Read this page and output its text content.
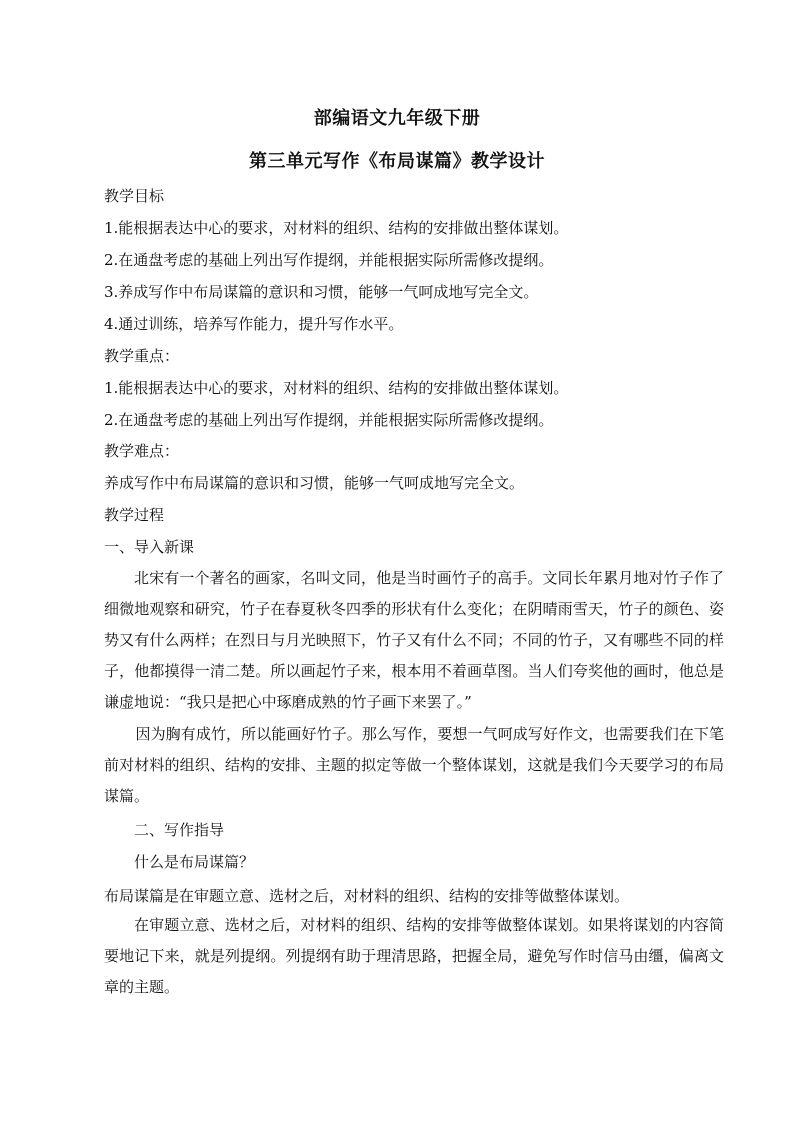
部编语文九年级下册
第三单元写作《布局谋篇》教学设计
教学目标
1.能根据表达中心的要求，对材料的组织、结构的安排做出整体谋划。
2.在通盘考虑的基础上列出写作提纲，并能根据实际所需修改提纲。
3.养成写作中布局谋篇的意识和习惯，能够一气呵成地写完全文。
4.通过训练，培养写作能力，提升写作水平。
教学重点：
1.能根据表达中心的要求，对材料的组织、结构的安排做出整体谋划。
2.在通盘考虑的基础上列出写作提纲，并能根据实际所需修改提纲。
教学难点：
养成写作中布局谋篇的意识和习惯，能够一气呵成地写完全文。
教学过程
一、导入新课
北宋有一个著名的画家，名叫文同，他是当时画竹子的高手。文同长年累月地对竹子作了细微地观察和研究，竹子在春夏秋冬四季的形状有什么变化；在阴晴雨雪天，竹子的颜色、姿势又有什么两样；在烈日与月光映照下，竹子又有什么不同；不同的竹子，又有哪些不同的样子，他都摸得一清二楚。所以画起竹子来，根本用不着画草图。当人们夸奖他的画时，他总是谦虚地说：“我只是把心中琢磨成熟的竹子画下来罢了。”
因为胸有成竹，所以能画好竹子。那么写作，要想一气呵成写好作文，也需要我们在下笔前对材料的组织、结构的安排、主题的拟定等做一个整体谋划，这就是我们今天要学习的布局谋篇。
二、写作指导
什么是布局谋篇？
布局谋篇是在审题立意、选材之后，对材料的组织、结构的安排等做整体谋划。
在审题立意、选材之后，对材料的组织、结构的安排等做整体谋划。如果将谋划的内容简要地记下来，就是列提纲。列提纲有助于理清思路，把握全局，避免写作时信马由缰，偏离文章的主题。
